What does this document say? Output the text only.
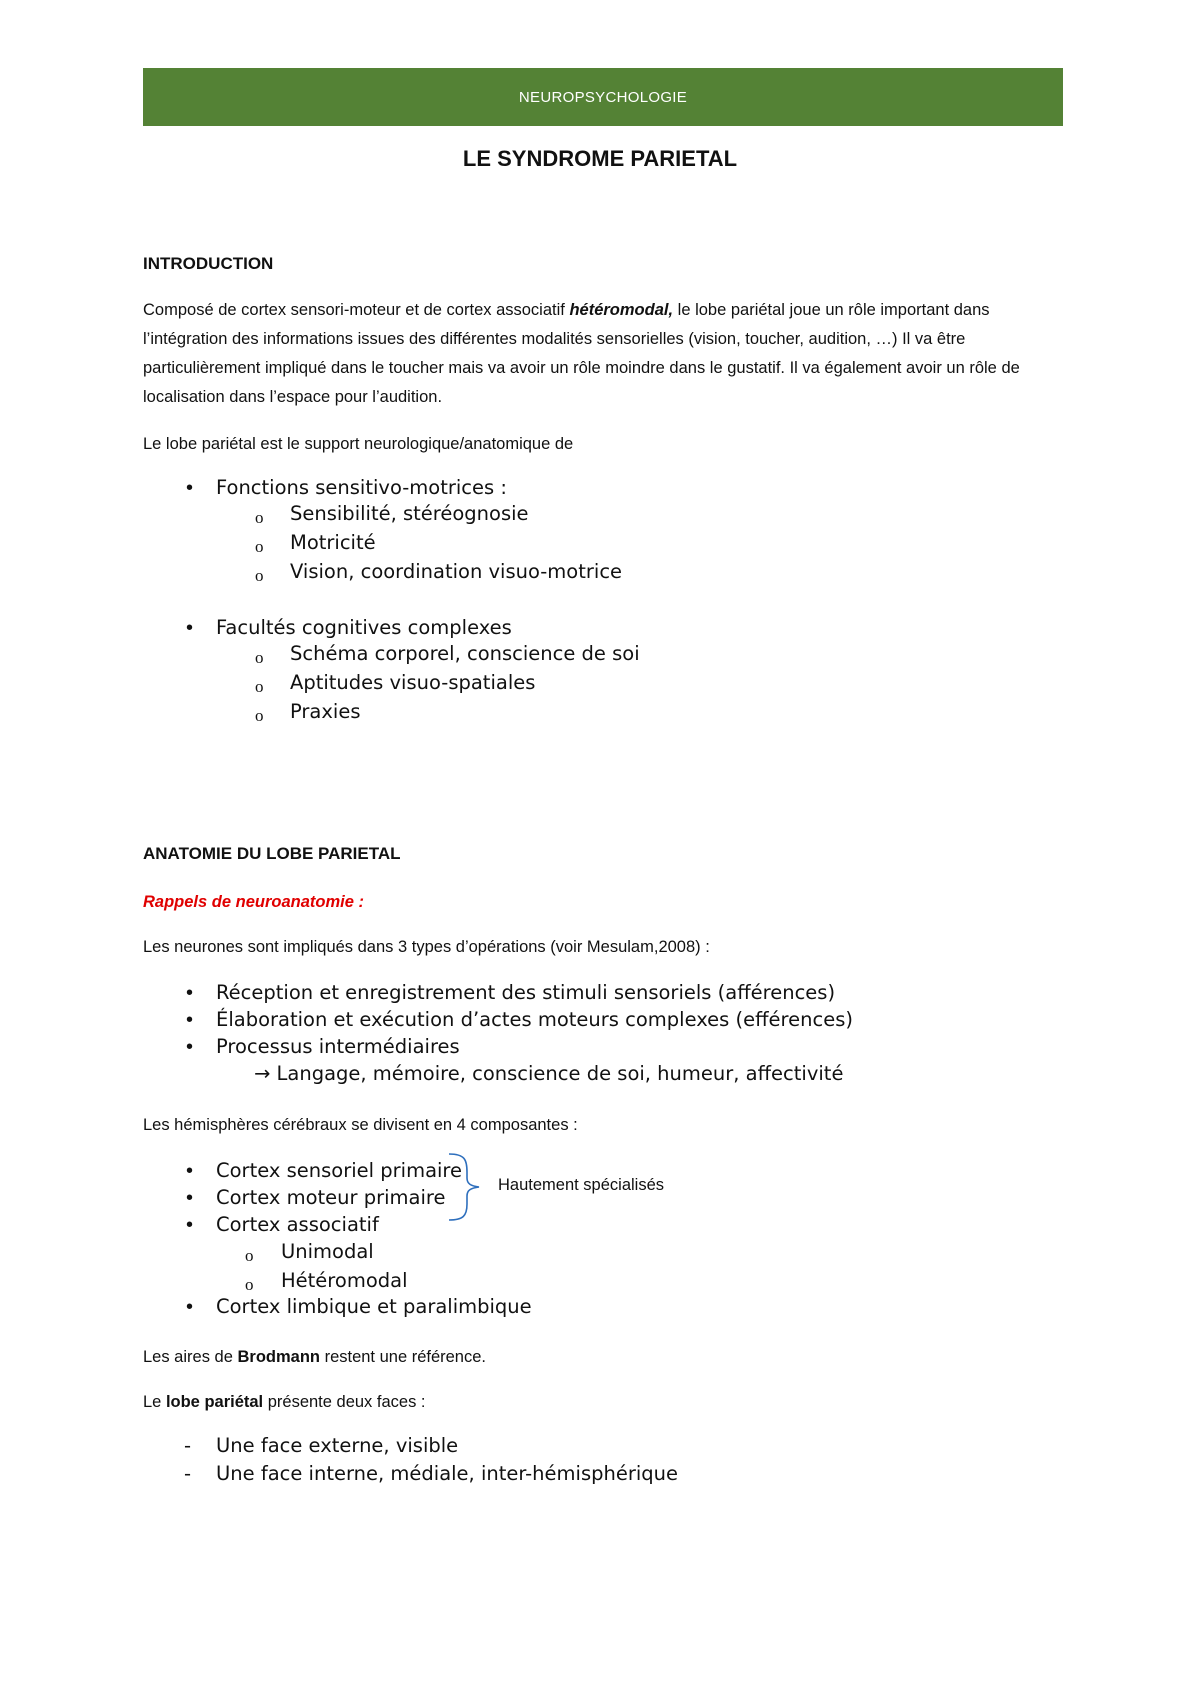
NEUROPSYCHOLOGIE
LE SYNDROME PARIETAL
INTRODUCTION
Composé de cortex sensori-moteur et de cortex associatif hétéromodal, le lobe pariétal joue un rôle important dans l’intégration des informations issues des différentes modalités sensorielles (vision, toucher, audition, …) Il va être particulièrement impliqué dans le toucher mais va avoir un rôle moindre dans le gustatif. Il va également avoir un rôle de localisation dans l’espace pour l’audition.
Le lobe pariétal est le support neurologique/anatomique de
• Fonctions sensitivo-motrices :
o Sensibilité, stéréognosie
o Motricité
o Vision, coordination visuo-motrice
• Facultés cognitives complexes
o Schéma corporel, conscience de soi
o Aptitudes visuo-spatiales
o Praxies
ANATOMIE DU LOBE PARIETAL
Rappels de neuroanatomie :
Les neurones sont impliqués dans 3 types d’opérations (voir Mesulam,2008) :
• Réception et enregistrement des stimuli sensoriels (afférences)
• Élaboration et exécution d’actes moteurs complexes (efférences)
• Processus intermédiaires
→ Langage, mémoire, conscience de soi, humeur, affectivité
Les hémisphères cérébraux se divisent en 4 composantes :
• Cortex sensoriel primaire
• Cortex moteur primaire
• Cortex associatif
o Unimodal
o Hétéromodal
• Cortex limbique et paralimbique
Hautement spécialisés
Les aires de Brodmann restent une référence.
Le lobe pariétal présente deux faces :
- Une face externe, visible
- Une face interne, médiale, inter-hémisphérique
